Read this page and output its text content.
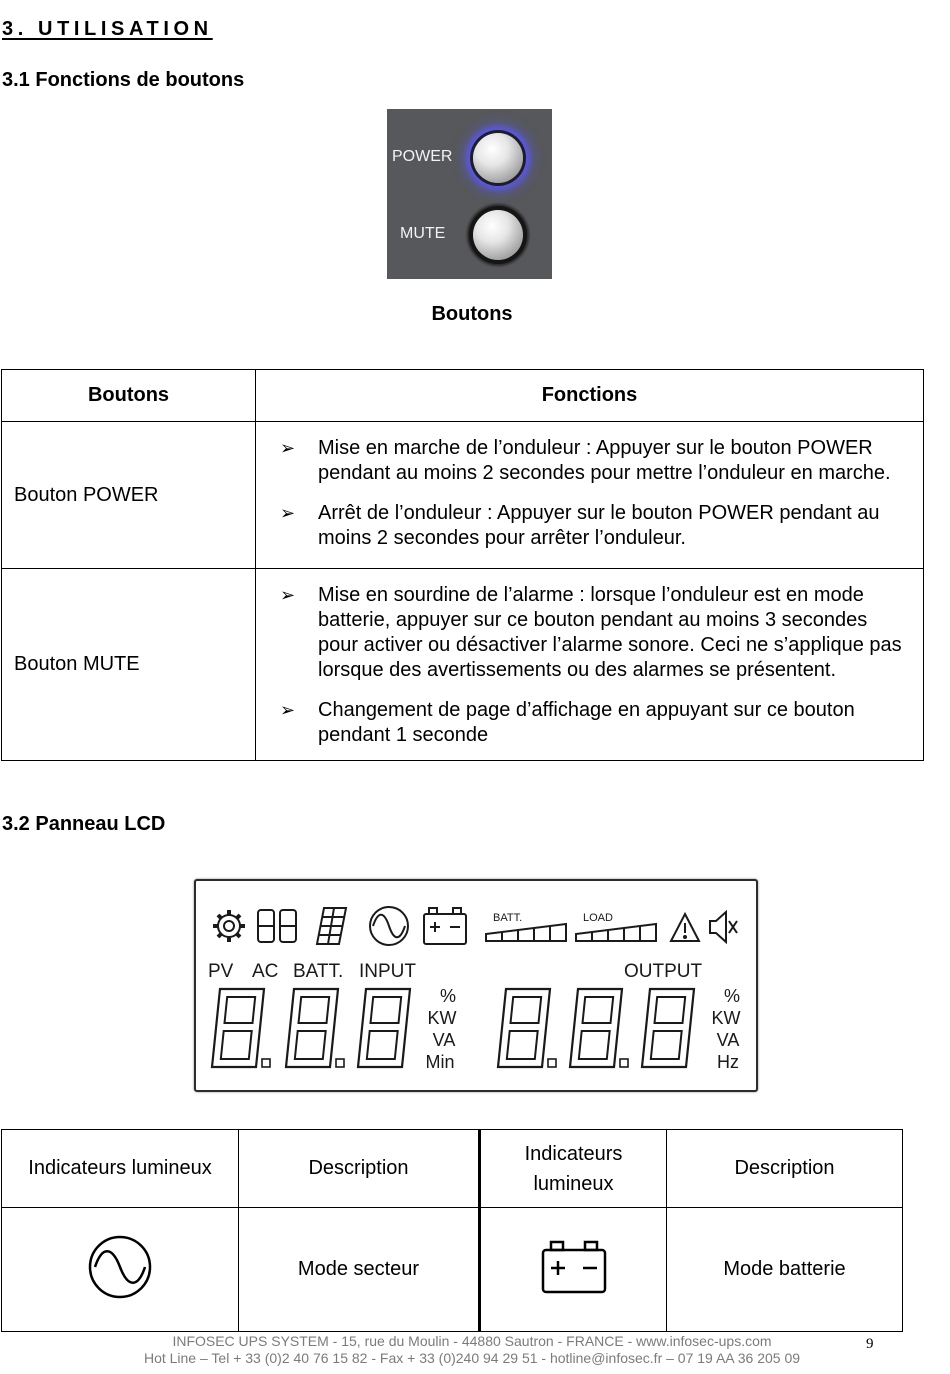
3. UTILISATION
3.1 Fonctions de boutons
POWER
MUTE
Boutons
Boutons	Fonctions
Bouton POWER	➢ Mise en marche de l’onduleur : Appuyer sur le bouton POWER pendant au moins 2 secondes pour mettre l’onduleur en marche.
➢ Arrêt de l’onduleur : Appuyer sur le bouton POWER pendant au moins 2 secondes pour arrêter l’onduleur.

Bouton MUTE	➢ Mise en sourdine de l’alarme : lorsque l’onduleur est en mode batterie, appuyer sur ce bouton pendant au moins 3 secondes pour activer ou désactiver l’alarme sonore. Ceci ne s’applique pas lorsque des avertissements ou des alarmes se présentent.
➢ Changement de page d’affichage en appuyant sur ce bouton pendant 1 seconde
3.2 Panneau LCD
BATT.	LOAD
PV AC BATT. INPUT	OUTPUT
%
KW
VA
Min
%
KW
VA
Hz
Indicateurs lumineux	Description	Indicateurs lumineux	Description
	Mode secteur		Mode batterie
INFOSEC UPS SYSTEM - 15, rue du Moulin - 44880 Sautron - FRANCE - www.infosec-ups.com
Hot Line – Tel + 33 (0)2 40 76 15 82 - Fax + 33 (0)240 94 29 51 - hotline@infosec.fr – 07 19 AA 36 205 09
9
